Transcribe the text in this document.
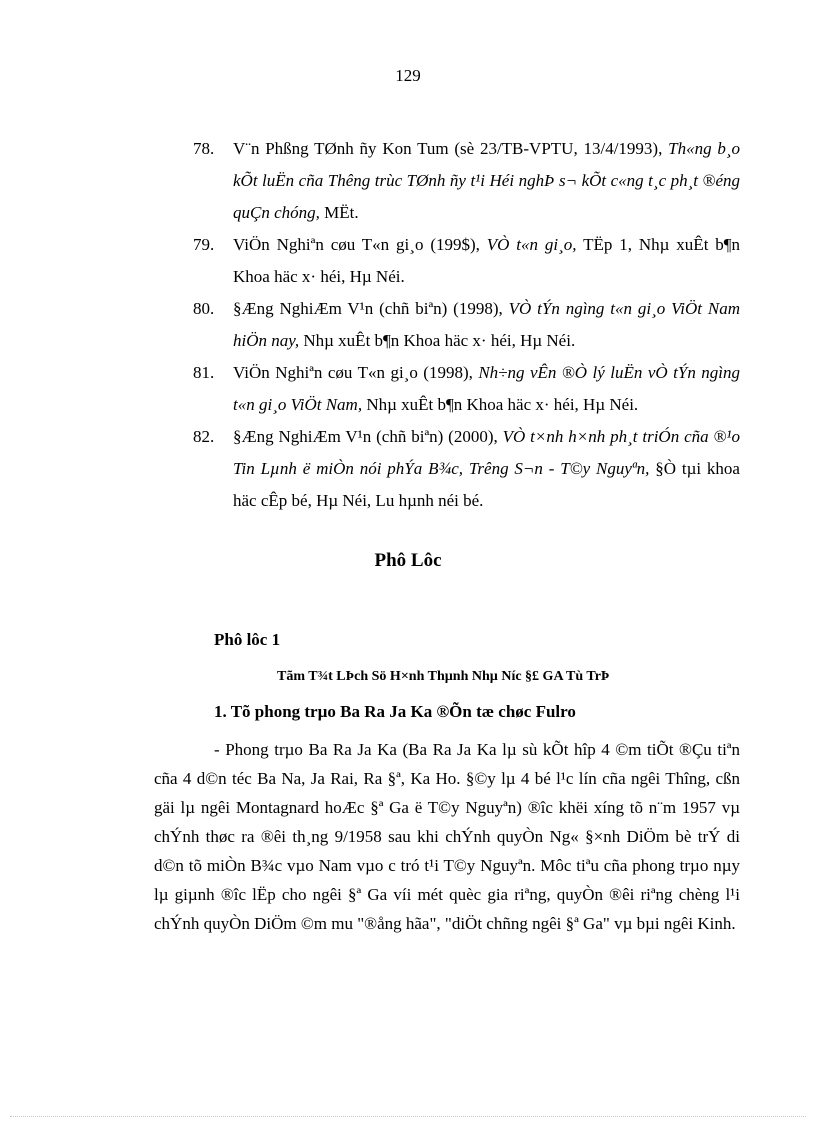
129

78. V¨n Phßng TØnh ñy Kon Tum (sè 23/TB-VPTU, 13/4/1993), Th«ng b¸o kÕt luËn cña Thêng trùc TØnh ñy t¹i Héi nghÞ s¬ kÕt c«ng t¸c ph¸t ®éng quÇn chóng, MËt.

79. ViÖn Nghiªn cøu T«n gi¸o (199$), VÒ t«n gi¸o, TËp 1, Nhµ xuÊt b¶n Khoa häc x· héi, Hµ Néi.

80. §Æng NghiÆm V¹n (chñ biªn) (1998), VÒ tÝn ngìng t«n gi¸o ViÖt Nam hiÖn nay, Nhµ xuÊt b¶n Khoa häc x· héi, Hµ Néi.

81. ViÖn Nghiªn cøu T«n gi¸o (1998), Nh÷ng vÊn ®Ò lý luËn vÒ tÝn ngìng t«n gi¸o ViÖt Nam, Nhµ xuÊt b¶n Khoa häc x· héi, Hµ Néi.

82. §Æng NghiÆm V¹n (chñ biªn) (2000), VÒ t×nh h×nh ph¸t triÓn cña ®¹o Tin Lµnh ë miÒn nói phÝa B¾c, Trêng S¬n - T©y Nguyªn, §Ò tµi khoa häc cÊp bé, Hµ Néi, Lu hµnh néi bé.

Phô Lôc
Phô lôc 1
Tãm T¾t LÞch Sö H×nh Thµnh Nhµ Níc §£ GA Tù TrÞ
1. Tõ phong trµo Ba Ra Ja Ka ®Õn tæ chøc Fulro

- Phong trµo Ba Ra Ja Ka (Ba Ra Ja Ka lµ sù kÕt hîp 4 ©m tiÕt ®Çu tiªn cña 4 d©n téc Ba Na, Ja Rai, Ra §ª, Ka Ho. §©y lµ 4 bé l¹c lín cña ngêi Thîng, cßn gäi lµ ngêi Montagnard hoÆc §ª Ga ë T©y Nguyªn) ®îc khëi xíng tõ n¨m 1957 vµ chÝnh thøc ra ®êi th¸ng 9/1958 sau khi chÝnh quyÒn Ng« §×nh DiÖm bè trÝ di d©n tõ miÒn B¾c vµo Nam vµo c tró t¹i T©y Nguyªn. Môc tiªu cña phong trµo nµy lµ giµnh ®îc lËp cho ngêi §ª Ga víi mét quèc gia riªng, quyÒn ®êi riªng chèng l¹i chÝnh quyÒn DiÖm ©m mu "®ång hãa", "diÖt chñng ngêi §ª Ga" vµ bµi ngêi Kinh.
